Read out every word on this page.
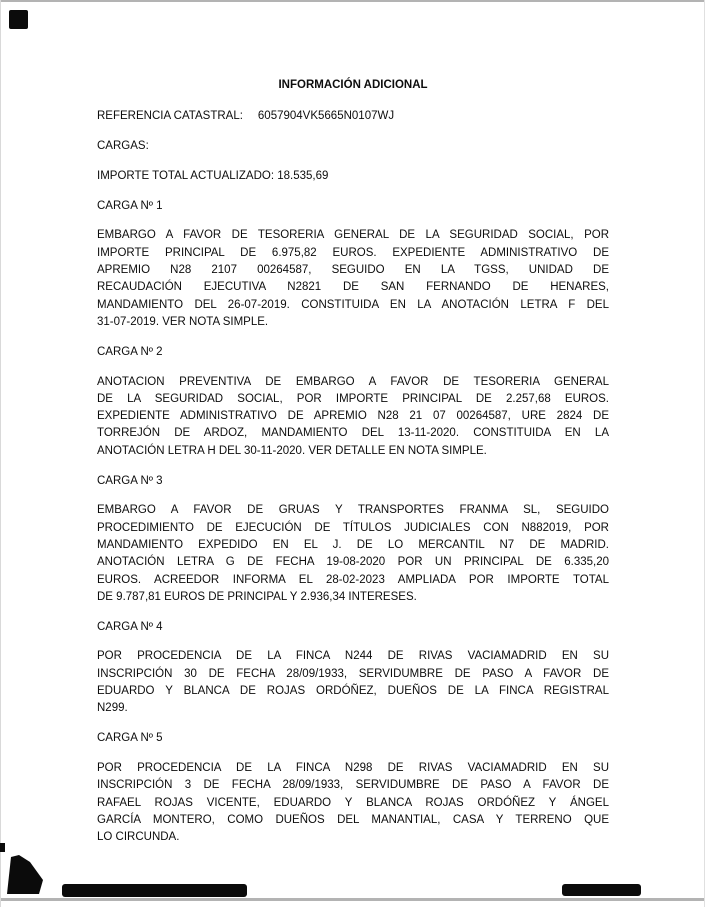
INFORMACIÓN ADICIONAL
REFERENCIA CATASTRAL: 6057904VK5665N0107WJ
CARGAS:
IMPORTE TOTAL ACTUALIZADO: 18.535,69
CARGA Nº 1
EMBARGO A FAVOR DE TESORERIA GENERAL DE LA SEGURIDAD SOCIAL, POR
IMPORTE PRINCIPAL DE 6.975,82 EUROS. EXPEDIENTE ADMINISTRATIVO DE
APREMIO N28 2107 00264587, SEGUIDO EN LA TGSS, UNIDAD DE
RECAUDACIÓN EJECUTIVA N2821 DE SAN FERNANDO DE HENARES,
MANDAMIENTO DEL 26-07-2019. CONSTITUIDA EN LA ANOTACIÓN LETRA F DEL
31-07-2019. VER NOTA SIMPLE.
CARGA Nº 2
ANOTACION PREVENTIVA DE EMBARGO A FAVOR DE TESORERIA GENERAL
DE LA SEGURIDAD SOCIAL, POR IMPORTE PRINCIPAL DE 2.257,68 EUROS.
EXPEDIENTE ADMINISTRATIVO DE APREMIO N28 21 07 00264587, URE 2824 DE
TORREJÓN DE ARDOZ, MANDAMIENTO DEL 13-11-2020. CONSTITUIDA EN LA
ANOTACIÓN LETRA H DEL 30-11-2020. VER DETALLE EN NOTA SIMPLE.
CARGA Nº 3
EMBARGO A FAVOR DE GRUAS Y TRANSPORTES FRANMA SL, SEGUIDO
PROCEDIMIENTO DE EJECUCIÓN DE TÍTULOS JUDICIALES CON N882019, POR
MANDAMIENTO EXPEDIDO EN EL J. DE LO MERCANTIL N7 DE MADRID.
ANOTACIÓN LETRA G DE FECHA 19-08-2020 POR UN PRINCIPAL DE 6.335,20
EUROS. ACREEDOR INFORMA EL 28-02-2023 AMPLIADA POR IMPORTE TOTAL
DE 9.787,81 EUROS DE PRINCIPAL Y 2.936,34 INTERESES.
CARGA Nº 4
POR PROCEDENCIA DE LA FINCA N244 DE RIVAS VACIAMADRID EN SU
INSCRIPCIÓN 30 DE FECHA 28/09/1933, SERVIDUMBRE DE PASO A FAVOR DE
EDUARDO Y BLANCA DE ROJAS ORDÓÑEZ, DUEÑOS DE LA FINCA REGISTRAL
N299.
CARGA Nº 5
POR PROCEDENCIA DE LA FINCA N298 DE RIVAS VACIAMADRID EN SU
INSCRIPCIÓN 3 DE FECHA 28/09/1933, SERVIDUMBRE DE PASO A FAVOR DE
RAFAEL ROJAS VICENTE, EDUARDO Y BLANCA ROJAS ORDÓÑEZ Y ÁNGEL
GARCÍA MONTERO, COMO DUEÑOS DEL MANANTIAL, CASA Y TERRENO QUE
LO CIRCUNDA.
